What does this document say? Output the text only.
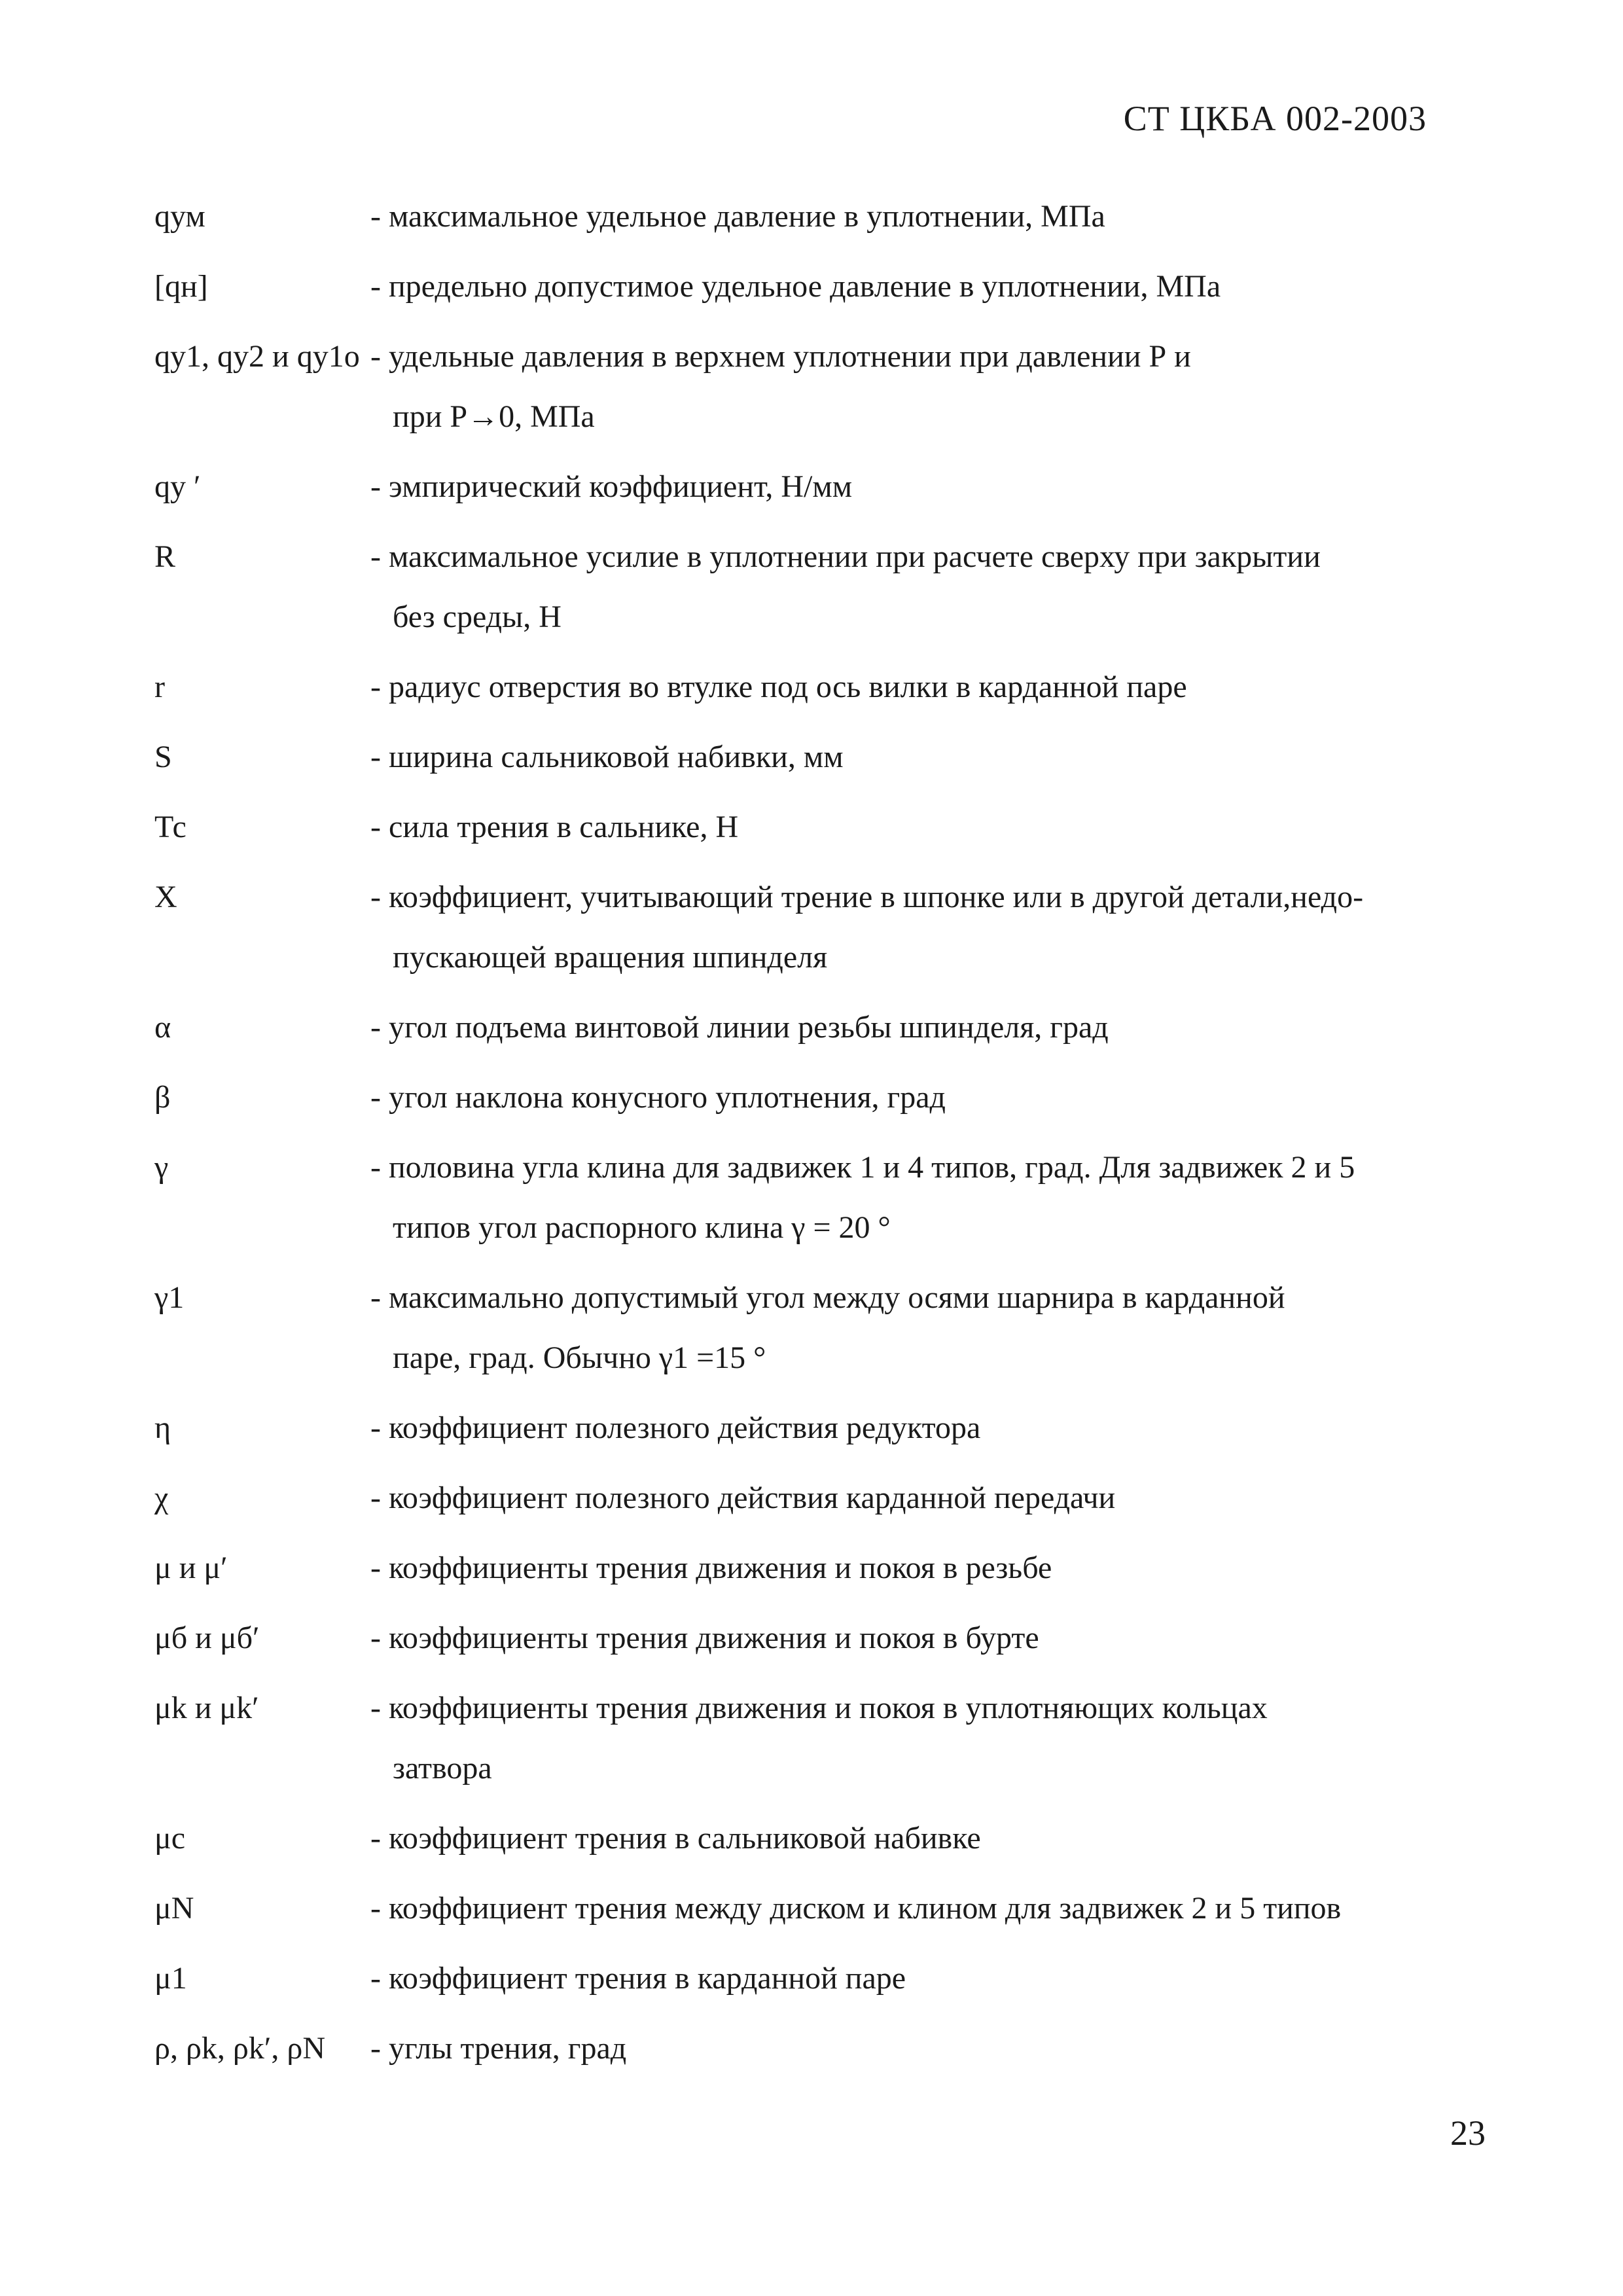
СТ ЦКБА 002-2003
qум	- максимальное удельное давление в уплотнении, МПа
[qн]	- предельно допустимое удельное давление в уплотнении, МПа
qу1, qу2 и qу1о - удельные давления в верхнем уплотнении при давлении Р и
при Р→0, МПа
qу ′	- эмпирический коэффициент, Н/мм
R	- максимальное усилие в уплотнении при расчете сверху при закрытии
без среды, Н
r	- радиус отверстия во втулке под ось вилки в карданной паре
S	- ширина сальниковой набивки, мм
Тс	- сила трения в сальнике, Н
Х	- коэффициент, учитывающий трение в шпонке или в другой детали,недо-
пускающей вращения шпинделя
α	- угол подъема винтовой линии резьбы шпинделя, град
β	- угол наклона конусного уплотнения, град
γ	- половина угла клина для задвижек 1 и 4 типов, град. Для задвижек 2 и 5
типов угол распорного клина γ = 20 °
γ1	- максимально допустимый угол между осями шарнира в карданной
паре, град. Обычно γ1 =15 °
η	- коэффициент полезного действия редуктора
χ	- коэффициент полезного действия карданной передачи
μ и μ′	- коэффициенты трения движения и покоя в резьбе
μб и μб′	- коэффициенты трения движения и покоя в бурте
μk и μk′	- коэффициенты трения движения и покоя в уплотняющих кольцах
затвора
μc	- коэффициент трения в сальниковой набивке
μN	- коэффициент трения между диском и клином для задвижек 2 и 5 типов
μ1	- коэффициент трения в карданной паре
ρ, ρk, ρk′, ρN	- углы трения, град
23
